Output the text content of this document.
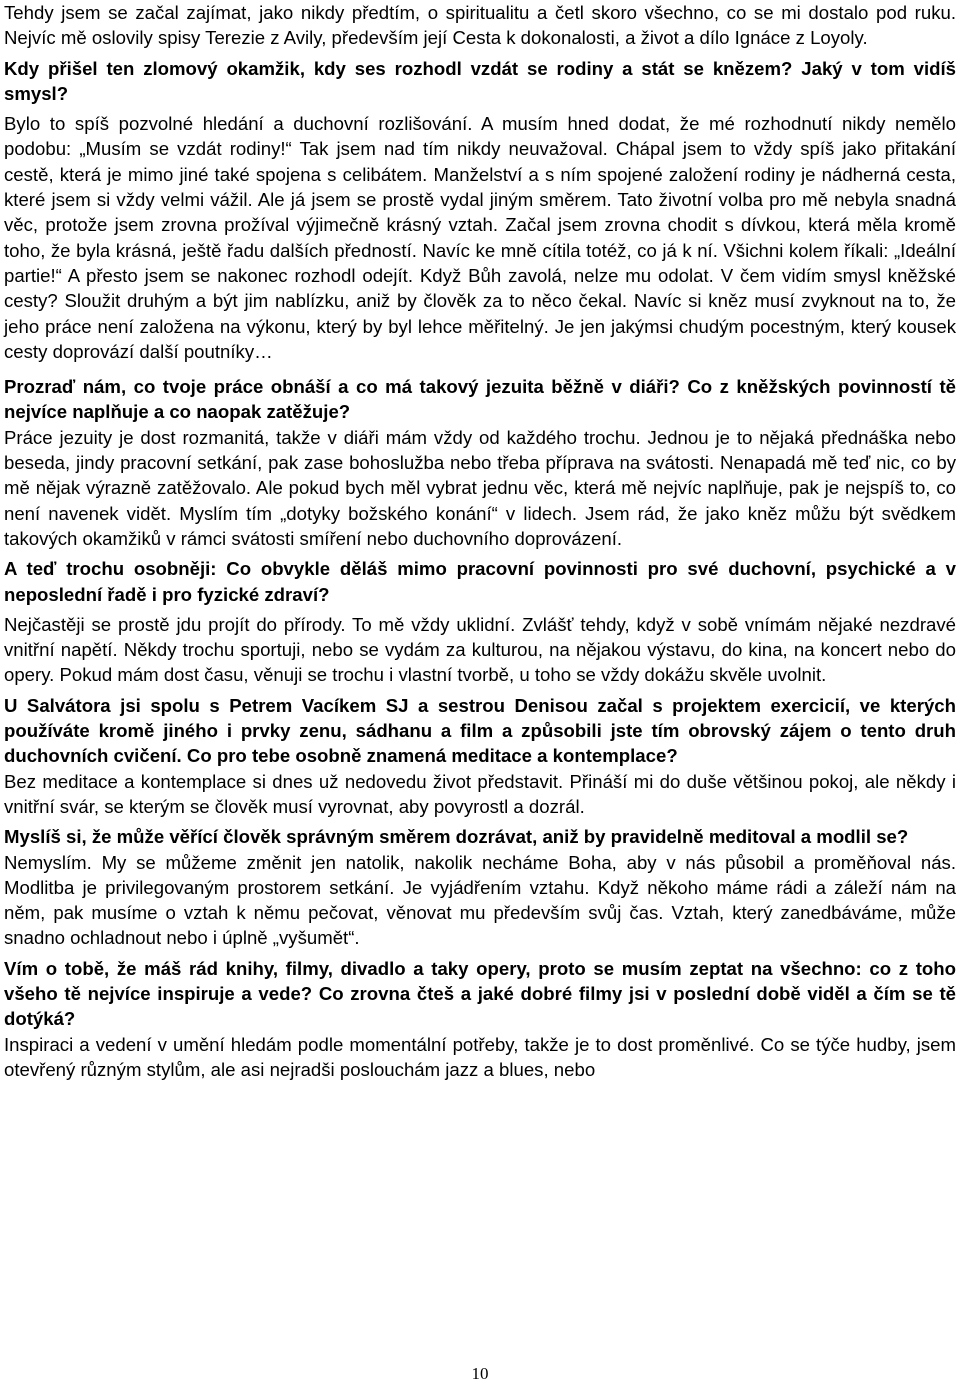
Tehdy jsem se začal zajímat, jako nikdy předtím, o spiritualitu a četl skoro všechno, co se mi dostalo pod ruku. Nejvíc mě oslovily spisy Terezie z Avily, především její Cesta k dokonalosti, a život a dílo Ignáce z Loyoly.

Kdy přišel ten zlomový okamžik, kdy ses rozhodl vzdát se rodiny a stát se knězem? Jaký v tom vidíš smysl?

Bylo to spíš pozvolné hledání a duchovní rozlišování. A musím hned dodat, že mé rozhodnutí nikdy nemělo podobu: „Musím se vzdát rodiny!“ Tak jsem nad tím nikdy neuvažoval. Chápal jsem to vždy spíš jako přitakání cestě, která je mimo jiné také spojena s celibátem. Manželství a s ním spojené založení rodiny je nádherná cesta, které jsem si vždy velmi vážil. Ale já jsem se prostě vydal jiným směrem. Tato životní volba pro mě nebyla snadná věc, protože jsem zrovna prožíval výjimečně krásný vztah. Začal jsem zrovna chodit s dívkou, která měla kromě toho, že byla krásná, ještě řadu dalších předností. Navíc ke mně cítila totéž, co já k ní. Všichni kolem říkali: „Ideální partie!“ A přesto jsem se nakonec rozhodl odejít. Když Bůh zavolá, nelze mu odolat. V čem vidím smysl kněžské cesty? Sloužit druhým a být jim nablízku, aniž by člověk za to něco čekal. Navíc si kněz musí zvyknout na to, že jeho práce není založena na výkonu, který by byl lehce měřitelný. Je jen jakýmsi chudým pocestným, který kousek cesty doprovází další poutníky…

Prozraď nám, co tvoje práce obnáší a co má takový jezuita běžně v diáři? Co z kněžských povinností tě nejvíce naplňuje a co naopak zatěžuje?

Práce jezuity je dost rozmanitá, takže v diáři mám vždy od každého trochu. Jednou je to nějaká přednáška nebo beseda, jindy pracovní setkání, pak zase bohoslužba nebo třeba příprava na svátosti. Nenapadá mě teď nic, co by mě nějak výrazně zatěžovalo. Ale pokud bych měl vybrat jednu věc, která mě nejvíc naplňuje, pak je nejspíš to, co není navenek vidět. Myslím tím „dotyky božského konání“ v lidech. Jsem rád, že jako kněz můžu být svědkem takových okamžiků v rámci svátosti smíření nebo duchovního doprovázení.

A teď trochu osobněji: Co obvykle děláš mimo pracovní povinnosti pro své duchovní, psychické a v neposlední řadě i pro fyzické zdraví?

Nejčastěji se prostě jdu projít do přírody. To mě vždy uklidní. Zvlášť tehdy, když v sobě vnímám nějaké nezdravé vnitřní napětí. Někdy trochu sportuji, nebo se vydám za kulturou, na nějakou výstavu, do kina, na koncert nebo do opery. Pokud mám dost času, věnuji se trochu i vlastní tvorbě, u toho se vždy dokážu skvěle uvolnit.

U Salvátora jsi spolu s Petrem Vacíkem SJ a sestrou Denisou začal s projektem exercicií, ve kterých používáte kromě jiného i prvky zenu, sádhanu a film a způsobili jste tím obrovský zájem o tento druh duchovních cvičení. Co pro tebe osobně znamená meditace a kontemplace?

Bez meditace a kontemplace si dnes už nedovedu život představit. Přináší mi do duše většinou pokoj, ale někdy i vnitřní svár, se kterým se člověk musí vyrovnat, aby povyrostl a dozrál.

Myslíš si, že může věřící člověk správným směrem dozrávat, aniž by pravidelně meditoval a modlil se?

Nemyslím. My se můžeme změnit jen natolik, nakolik necháme Boha, aby v nás působil a proměňoval nás. Modlitba je privilegovaným prostorem setkání. Je vyjádřením vztahu. Když někoho máme rádi a záleží nám na něm, pak musíme o vztah k němu pečovat, věnovat mu především svůj čas. Vztah, který zanedbáváme, může snadno ochladnout nebo i úplně „vyšumět“.

Vím o tobě, že máš rád knihy, filmy, divadlo a taky opery, proto se musím zeptat na všechno: co z toho všeho tě nejvíce inspiruje a vede? Co zrovna čteš a jaké dobré filmy jsi v poslední době viděl a čím se tě dotýká?

Inspiraci a vedení v umění hledám podle momentální potřeby, takže je to dost proměnlivé. Co se týče hudby, jsem otevřený různým stylům, ale asi nejradši poslouchám jazz a blues, nebo

10
